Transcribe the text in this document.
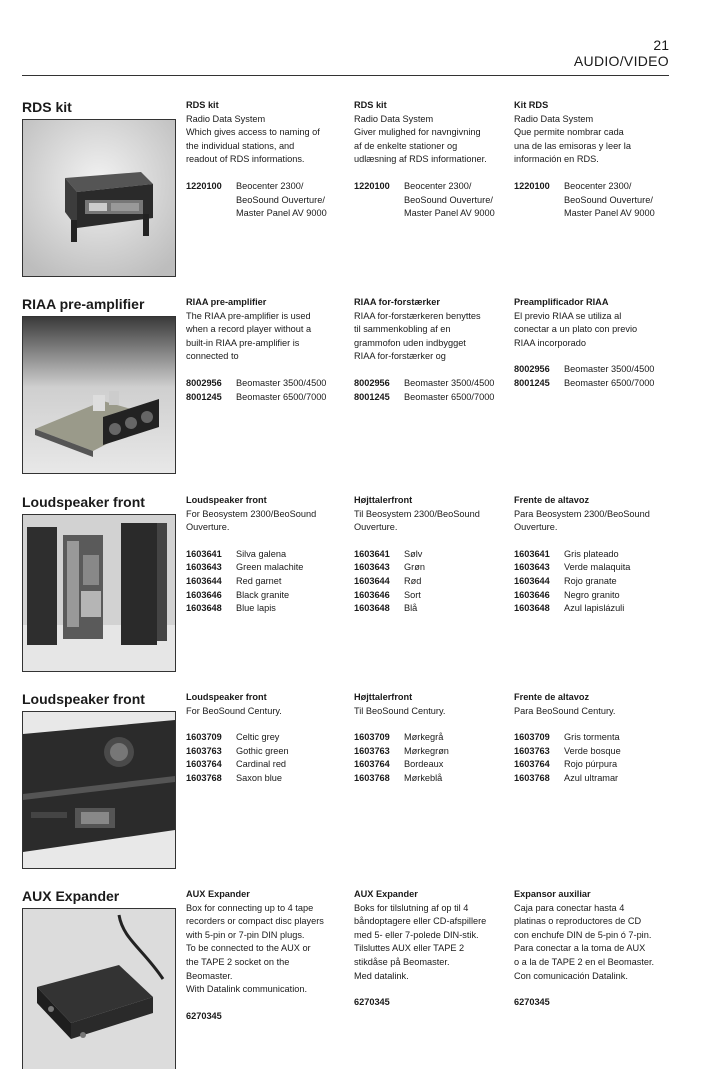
21
AUDIO/VIDEO
RDS kit	RDS kit
Radio Data System
Which gives access to naming of
the individual stations, and
readout of RDS informations.
1220100	Beocenter 2300/
BeoSound Ouverture/
Master Panel AV 9000
RDS kit
Radio Data System
Giver mulighed for navngivning
af de enkelte stationer og
udlæsning af RDS informationer.
1220100	Beocenter 2300/
BeoSound Ouverture/
Master Panel AV 9000
Kit RDS
Radio Data System
Que permite nombrar cada
una de las emisoras y leer la
información en RDS.
1220100	Beocenter 2300/
BeoSound Ouverture/
Master Panel AV 9000
RIAA pre-amplifier	RIAA pre-amplifier
The RIAA pre-amplifier is used
when a record player without a
built-in RIAA pre-amplifier is
connected to
8002956	Beomaster 3500/4500
8001245	Beomaster 6500/7000
RIAA for-forstærker
RIAA for-forstærkeren benyttes
til sammenkobling af en
grammofon uden indbygget
RIAA for-forstærker og
8002956	Beomaster 3500/4500
8001245	Beomaster 6500/7000
Preamplificador RIAA
El previo RIAA se utiliza al
conectar a un plato con previo
RIAA incorporado
8002956	Beomaster 3500/4500
8001245	Beomaster 6500/7000
Loudspeaker front	Loudspeaker front
For Beosystem 2300/BeoSound
Ouverture.
1603641	Silva galena
1603643	Green malachite
1603644	Red garnet
1603646	Black granite
1603648	Blue lapis
Højttalerfront
Til Beosystem 2300/BeoSound
Ouverture.
1603641	Sølv
1603643	Grøn
1603644	Rød
1603646	Sort
1603648	Blå
Frente de altavoz
Para Beosystem 2300/BeoSound
Ouverture.
1603641	Gris plateado
1603643	Verde malaquita
1603644	Rojo granate
1603646	Negro granito
1603648	Azul lapislázuli
Loudspeaker front	Loudspeaker front
For BeoSound Century.
1603709	Celtic grey
1603763	Gothic green
1603764	Cardinal red
1603768	Saxon blue
Højttalerfront
Til BeoSound Century.
1603709	Mørkegrå
1603763	Mørkegrøn
1603764	Bordeaux
1603768	Mørkeblå
Frente de altavoz
Para BeoSound Century.
1603709	Gris tormenta
1603763	Verde bosque
1603764	Rojo púrpura
1603768	Azul ultramar
AUX Expander	AUX Expander
Box for connecting up to 4 tape
recorders or compact disc players
with 5-pin or 7-pin DIN plugs.
To be connected to the AUX or
the TAPE 2 socket on the
Beomaster.
With Datalink communication.
6270345
AUX Expander
Boks for tilslutning af op til 4
båndoptagere eller CD-afspillere
med 5- eller 7-polede DIN-stik.
Tilsluttes AUX eller TAPE 2
stikdåse på Beomaster.
Med datalink.
6270345
Expansor auxiliar
Caja para conectar hasta 4
platinas o reproductores de CD
con enchufe DIN de 5-pin ó 7-pin.
Para conectar a la toma de AUX
o a la de TAPE 2 en el Beomaster.
Con comunicación Datalink.
6270345
